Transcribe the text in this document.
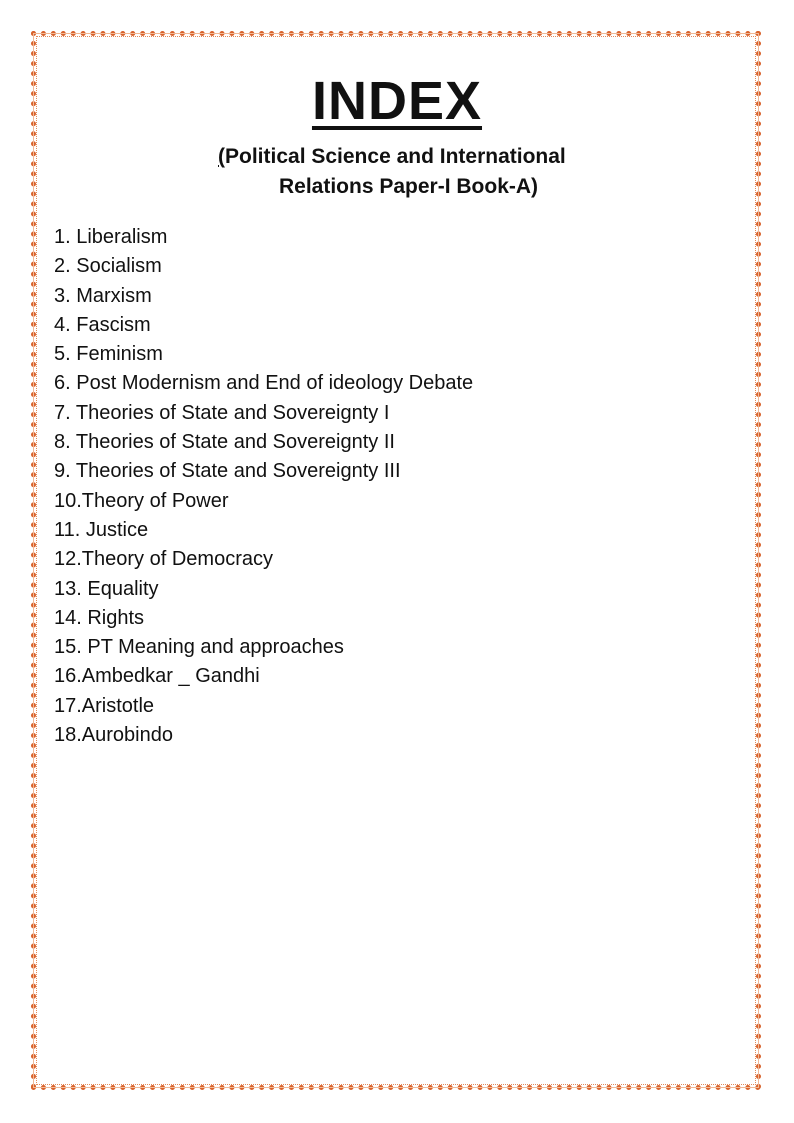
INDEX
(Political Science and International
Relations Paper-I Book-A)
1. Liberalism
2. Socialism
3. Marxism
4. Fascism
5. Feminism
6. Post Modernism and End of ideology Debate
7. Theories of State and Sovereignty I
8. Theories of State and Sovereignty II
9. Theories of State and Sovereignty III
10.Theory of Power
11. Justice
12.Theory of Democracy
13. Equality
14. Rights
15. PT Meaning and approaches
16.Ambedkar _ Gandhi
17.Aristotle
18.Aurobindo
